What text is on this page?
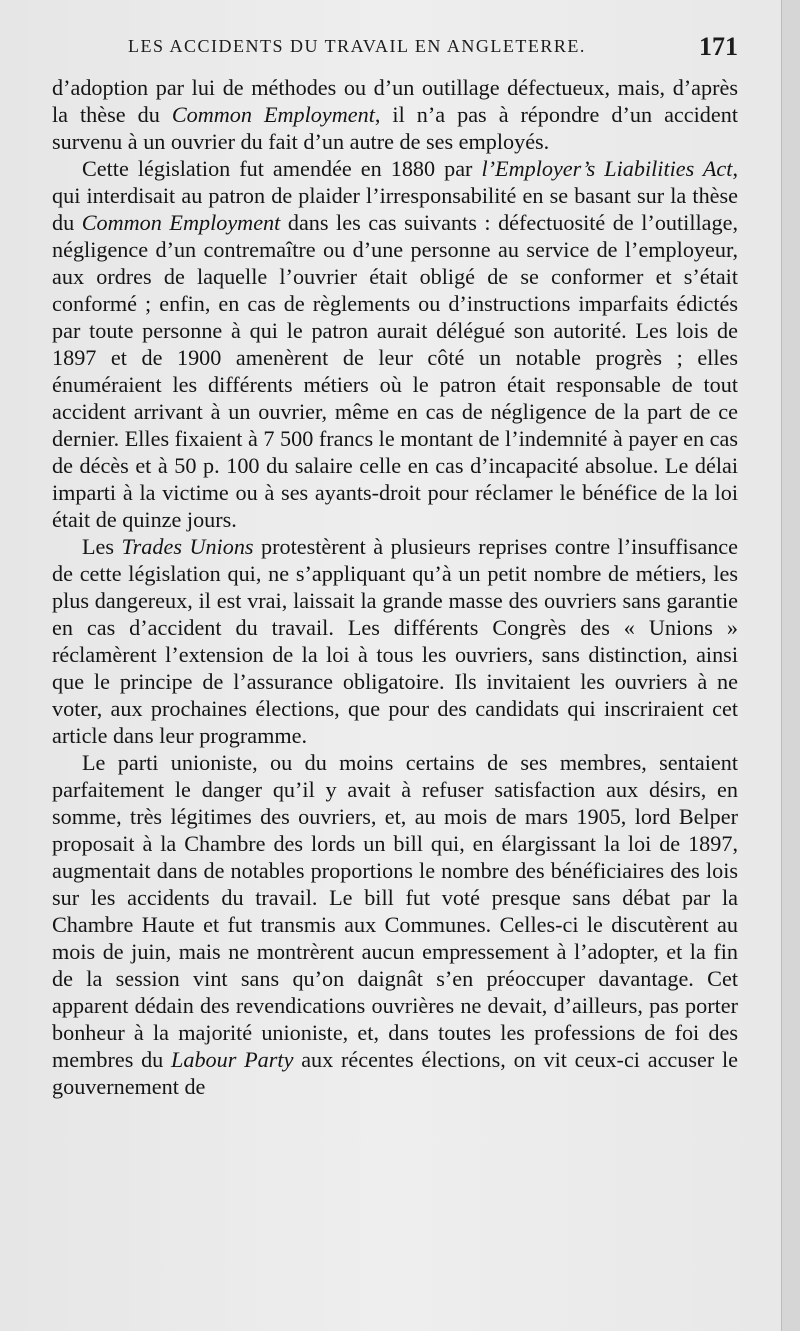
LES ACCIDENTS DU TRAVAIL EN ANGLETERRE.	171

d’adoption par lui de méthodes ou d’un outillage défectueux, mais, d’après la thèse du Common Employment, il n’a pas à répondre d’un accident survenu à un ouvrier du fait d’un autre de ses employés.

Cette législation fut amendée en 1880 par l’Employer’s Liabilities Act, qui interdisait au patron de plaider l’irresponsabilité en se basant sur la thèse du Common Employment dans les cas suivants : défectuosité de l’outillage, négligence d’un contremaître ou d’une personne au service de l’employeur, aux ordres de laquelle l’ouvrier était obligé de se conformer et s’était conformé ; enfin, en cas de règlements ou d’instructions imparfaits édictés par toute personne à qui le patron aurait délégué son autorité. Les lois de 1897 et de 1900 amenèrent de leur côté un notable progrès ; elles énuméraient les différents métiers où le patron était responsable de tout accident arrivant à un ouvrier, même en cas de négligence de la part de ce dernier. Elles fixaient à 7 500 francs le montant de l’indemnité à payer en cas de décès et à 50 p. 100 du salaire celle en cas d’incapacité absolue. Le délai imparti à la victime ou à ses ayants-droit pour réclamer le bénéfice de la loi était de quinze jours.

Les Trades Unions protestèrent à plusieurs reprises contre l’insuffisance de cette législation qui, ne s’appliquant qu’à un petit nombre de métiers, les plus dangereux, il est vrai, laissait la grande masse des ouvriers sans garantie en cas d’accident du travail. Les différents Congrès des « Unions » réclamèrent l’extension de la loi à tous les ouvriers, sans distinction, ainsi que le principe de l’assurance obligatoire. Ils invitaient les ouvriers à ne voter, aux prochaines élections, que pour des candidats qui inscriraient cet article dans leur programme.

Le parti unioniste, ou du moins certains de ses membres, sentaient parfaitement le danger qu’il y avait à refuser satisfaction aux désirs, en somme, très légitimes des ouvriers, et, au mois de mars 1905, lord Belper proposait à la Chambre des lords un bill qui, en élargissant la loi de 1897, augmentait dans de notables proportions le nombre des bénéficiaires des lois sur les accidents du travail. Le bill fut voté presque sans débat par la Chambre Haute et fut transmis aux Communes. Celles-ci le discutèrent au mois de juin, mais ne montrèrent aucun empressement à l’adopter, et la fin de la session vint sans qu’on daignât s’en préoccuper davantage. Cet apparent dédain des revendications ouvrières ne devait, d’ailleurs, pas porter bonheur à la majorité unioniste, et, dans toutes les professions de foi des membres du Labour Party aux récentes élections, on vit ceux-ci accuser le gouvernement de
